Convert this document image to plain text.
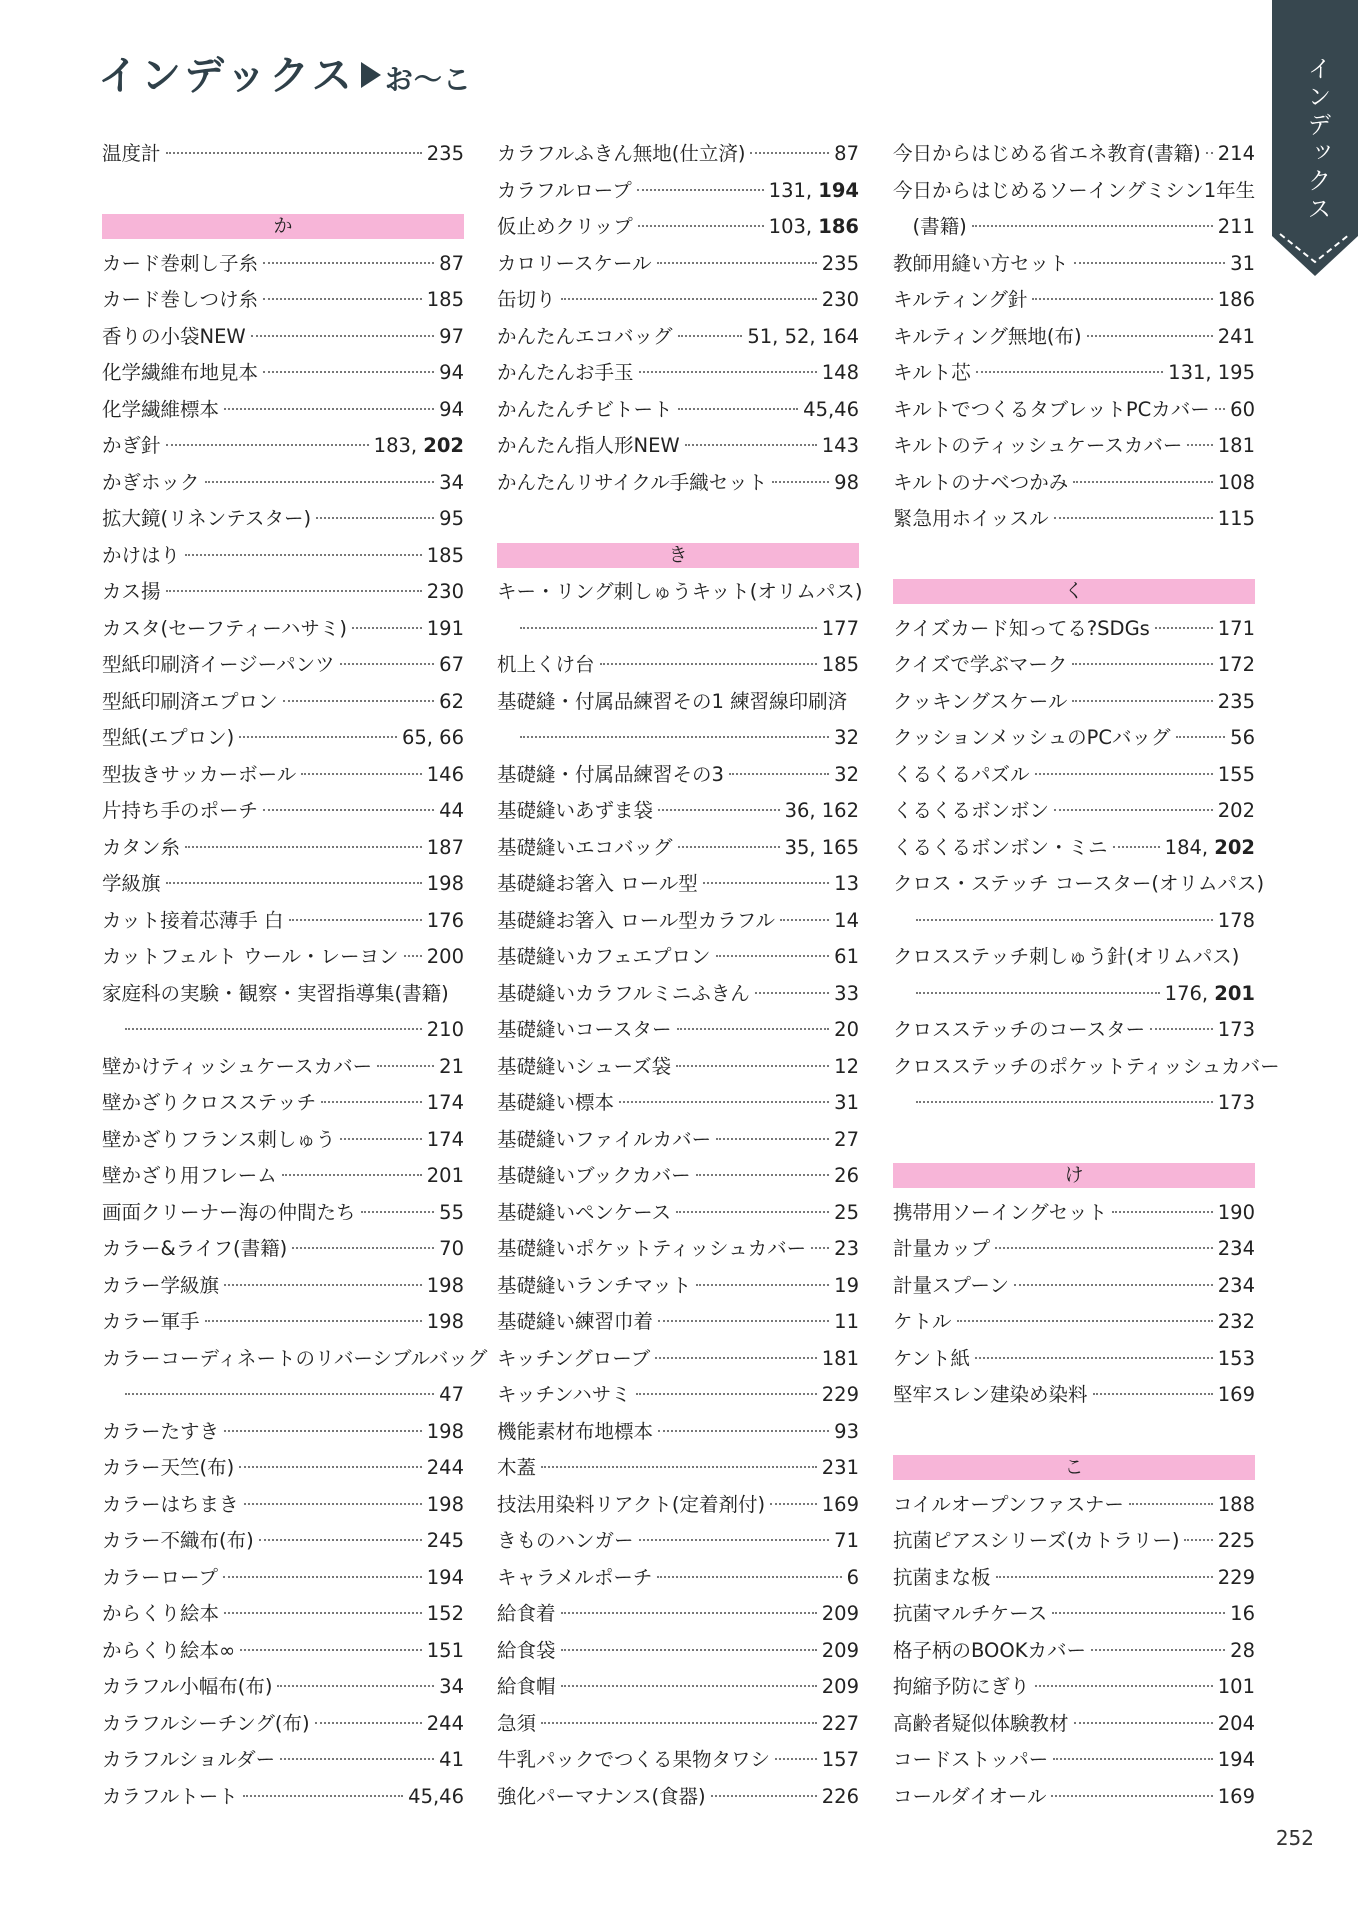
インデックス お〜こ	インデックス

温度計	235
か
カード巻刺し子糸	87
カード巻しつけ糸	185
香りの小袋NEW	97
化学繊維布地見本	94
化学繊維標本	94
かぎ針	183, 202
かぎホック	34
拡大鏡(リネンテスター)	95
かけはり	185
カス揚	230
カスタ(セーフティーハサミ)	191
型紙印刷済イージーパンツ	67
型紙印刷済エプロン	62
型紙(エプロン)	65, 66
型抜きサッカーボール	146
片持ち手のポーチ	44
カタン糸	187
学級旗	198
カット接着芯薄手 白	176
カットフェルト ウール・レーヨン 200
家庭科の実験・観察・実習指導集(書籍)
210
壁かけティッシュケースカバー	21
壁かざりクロスステッチ	174
壁かざりフランス刺しゅう	174
壁かざり用フレーム	201
画面クリーナー海の仲間たち	55
カラー&ライフ(書籍)	70
カラー学級旗	198
カラー軍手	198
カラーコーディネートのリバーシブルバッグ
47
カラーたすき	198
カラー天竺(布)	244
カラーはちまき	198
カラー不織布(布)	245
カラーロープ	194
からくり絵本	152
からくり絵本∞	151
カラフル小幅布(布)	34
カラフルシーチング(布)	244
カラフルショルダー	41
カラフルトート	45,46
カラフルふきん無地(仕立済)	87
カラフルロープ	131, 194
仮止めクリップ	103, 186
カロリースケール	235
缶切り	230
かんたんエコバッグ	51, 52, 164
かんたんお手玉	148
かんたんチビトート	45,46
かんたん指人形NEW	143
かんたんリサイクル手織セット	98
き
キー・リング刺しゅうキット(オリムパス)
177
机上くけ台	185
基礎縫・付属品練習その1 練習線印刷済
32
基礎縫・付属品練習その3	32
基礎縫いあずま袋	36, 162
基礎縫いエコバッグ	35, 165
基礎縫お箸入 ロール型	13
基礎縫お箸入 ロール型カラフル	14
基礎縫いカフェエプロン	61
基礎縫いカラフルミニふきん	33
基礎縫いコースター	20
基礎縫いシューズ袋	12
基礎縫い標本	31
基礎縫いファイルカバー	27
基礎縫いブックカバー	26
基礎縫いペンケース	25
基礎縫いポケットティッシュカバー 23
基礎縫いランチマット	19
基礎縫い練習巾着	11
キッチングローブ	181
キッチンハサミ	229
機能素材布地標本	93
木蓋	231
技法用染料リアクト(定着剤付)	169
きものハンガー	71
キャラメルポーチ	6
給食着	209
給食袋	209
給食帽	209
急須	227
牛乳パックでつくる果物タワシ	157
強化パーマナンス(食器)	226
今日からはじめる省エネ教育(書籍) 214
今日からはじめるソーイングミシン1年生
　(書籍)	211
教師用縫い方セット	31
キルティング針	186
キルティング無地(布)	241
キルト芯	131, 195
キルトでつくるタブレットPCカバー 60
キルトのティッシュケースカバー 181
キルトのナベつかみ	108
緊急用ホイッスル	115
く
クイズカード知ってる?SDGs	171
クイズで学ぶマーク	172
クッキングスケール	235
クッションメッシュのPCバッグ	56
くるくるパズル	155
くるくるボンボン	202
くるくるボンボン・ミニ	184, 202
クロス・ステッチ コースター(オリムパス)
178
クロスステッチ刺しゅう針(オリムパス)
176, 201
クロスステッチのコースター	173
クロスステッチのポケットティッシュカバー
173
け
携帯用ソーイングセット	190
計量カップ	234
計量スプーン	234
ケトル	232
ケント紙	153
堅牢スレン建染め染料	169
こ
コイルオープンファスナー	188
抗菌ピアスシリーズ(カトラリー) 225
抗菌まな板	229
抗菌マルチケース	16
格子柄のBOOKカバー	28
拘縮予防にぎり	101
高齢者疑似体験教材	204
コードストッパー	194
コールダイオール	169

252
